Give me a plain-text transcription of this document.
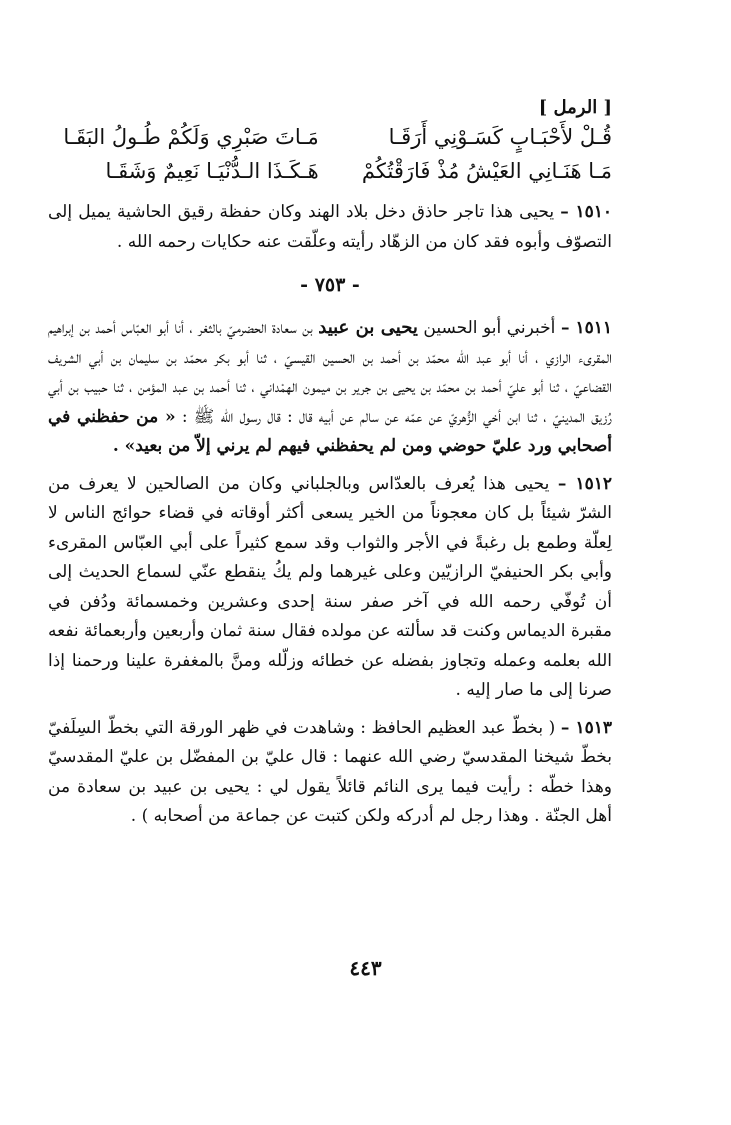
[ الرمل ]
قُـلْ لأَحْبَـابٍ كَسَـوْنِي أَرَقَـا
مَـاتَ صَبْرِي وَلَكُمْ طُـولُ البَقَـا
مَـا هَنَـانِي العَيْشُ مُذْ فَارَقْتُكُمْ
هَـكَـذَا الـدُّنْيَـا نَعِيمٌ وَشَقَـا

١٥١٠ – يحيى هذا تاجر حاذق دخل بلاد الهند وكان حفظة رقيق الحاشية يميل إلى التصوّف وأبوه فقد كان من الزهّاد رأيته وعلّقت عنه حكايات رحمه الله .

- ٧٥٣ -

١٥١١ – أخبرني أبو الحسين يحيى بن عبيد بن سعادة الحضرميّ بالثغر ، أنا أبو العبّاس أحمد بن إبراهيم المقرىء الرازي ، أنا أبو عبد الله محمّد بن أحمد بن الحسين القيسيّ ، ثنا أبو بكر محمّد بن سليمان بن أبي الشريف القضاعيّ ، ثنا أبو عليّ أحمد بن محمّد بن يحيى بن جرير بن ميمون الهمْداني ، ثنا أحمد بن عبد المؤمن ، ثنا حبيب بن أبي رُزيق المدينيّ ، ثنا ابن أخي الزُّهريّ عن عمّه عن سالم عن أبيه قال : قال رسول الله ﷺ : « من حفظني في أصحابي ورد عليّ حوضي ومن لم يحفظني فيهم لم يرني إلاّ من بعيد» .

١٥١٢ – يحيى هذا يُعرف بالعدّاس وبالجلباني وكان من الصالحين لا يعرف من الشرّ شيئاً بل كان معجوناً من الخير يسعى أكثر أوقاته في قضاء حوائج الناس لا لِعلّة وطمع بل رغبةً في الأجر والثواب وقد سمع كثيراً على أبي العبّاس المقرىء وأبي بكر الحنيفيّ الرازيّين وعلى غيرهما ولم يكُ ينقطع عنّي لسماع الحديث إلى أن تُوفّي رحمه الله في آخر صفر سنة إحدى وعشرين وخمسمائة ودُفن في مقبرة الديماس وكنت قد سألته عن مولده فقال سنة ثمان وأربعين وأربعمائة نفعه الله بعلمه وعمله وتجاوز بفضله عن خطائه وزلّله ومنَّ بالمغفرة علينا ورحمنا إذا صرنا إلى ما صار إليه .

١٥١٣ – ( بخطّ عبد العظيم الحافظ : وشاهدت في ظهر الورقة التي بخطّ السِلَفيّ بخطّ شيخنا المقدسيّ رضي الله عنهما : قال عليّ بن المفضّل بن عليّ المقدسيّ وهذا خطّه : رأيت فيما يرى النائم قائلاً يقول لي : يحيى بن عبيد بن سعادة من أهل الجنّة . وهذا رجل لم أدركه ولكن كتبت عن جماعة من أصحابه ) .

٤٤٣
